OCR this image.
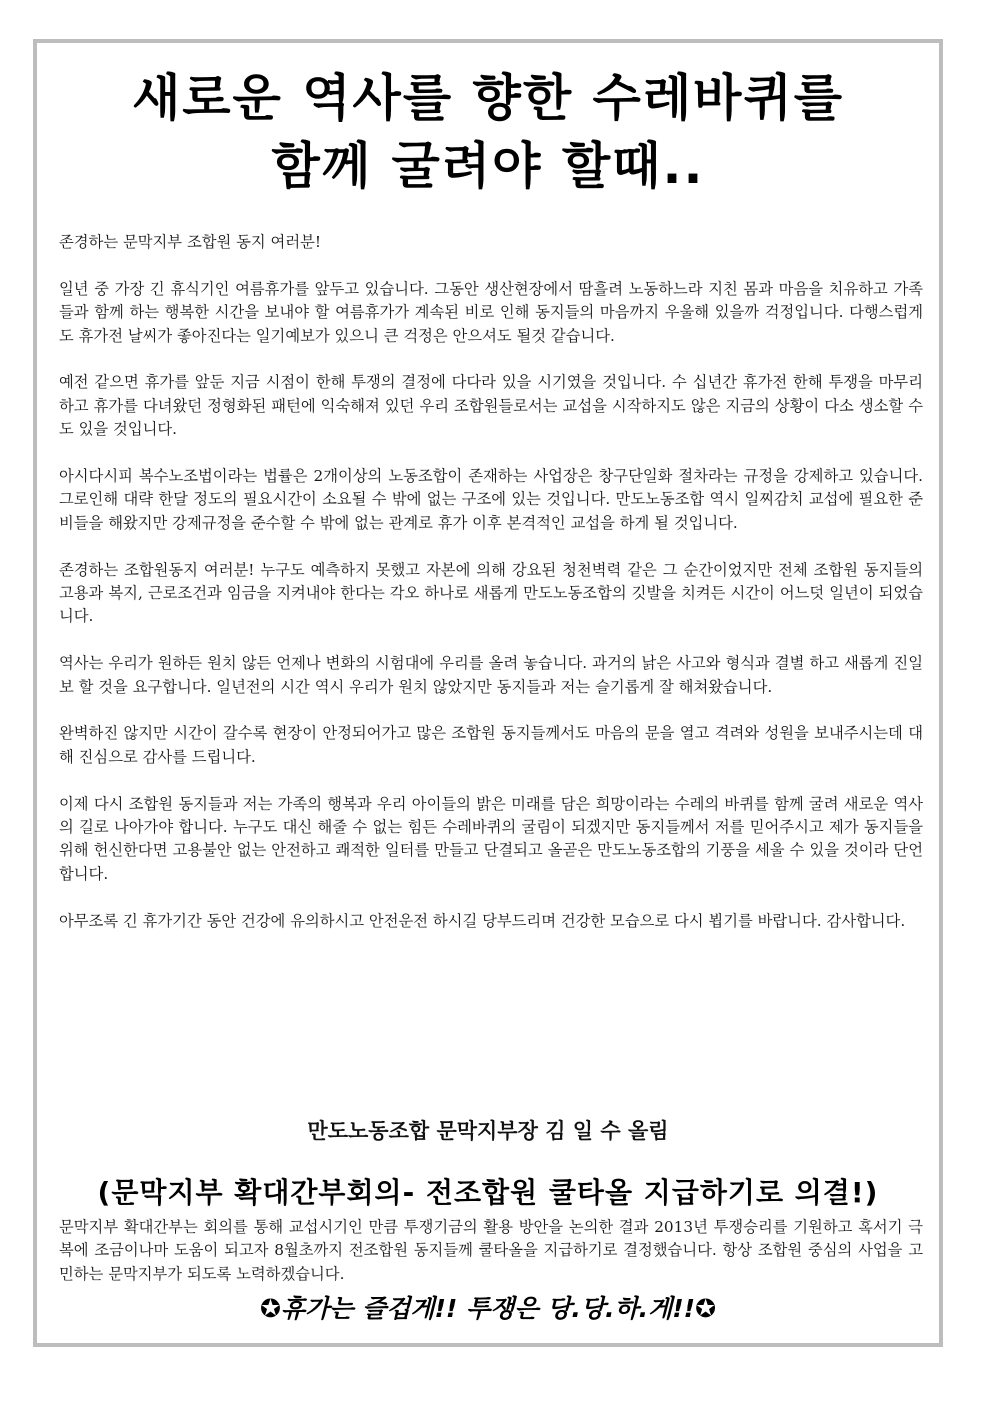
새로운 역사를 향한 수레바퀴를
함께 굴려야 할때..

존경하는 문막지부 조합원 동지 여러분!

일년 중 가장 긴 휴식기인 여름휴가를 앞두고 있습니다. 그동안 생산현장에서 땀흘려 노동하느라 지친 몸과 마음을 치유하고 가족들과 함께 하는 행복한 시간을 보내야 할 여름휴가가 계속된 비로 인해 동지들의 마음까지 우울해 있을까 걱정입니다. 다행스럽게도 휴가전 날씨가 좋아진다는 일기예보가 있으니 큰 걱정은 안으셔도 될것 같습니다.

예전 같으면 휴가를 앞둔 지금 시점이 한해 투쟁의 결정에 다다라 있을 시기였을 것입니다. 수 십년간 휴가전 한해 투쟁을 마무리 하고 휴가를 다녀왔던 정형화된 패턴에 익숙해져 있던 우리 조합원들로서는 교섭을 시작하지도 않은 지금의 상황이 다소 생소할 수도 있을 것입니다.

아시다시피 복수노조법이라는 법률은 2개이상의 노동조합이 존재하는 사업장은 창구단일화 절차라는 규정을 강제하고 있습니다. 그로인해 대략 한달 정도의 필요시간이 소요될 수 밖에 없는 구조에 있는 것입니다. 만도노동조합 역시 일찌감치 교섭에 필요한 준비들을 해왔지만 강제규정을 준수할 수 밖에 없는 관계로 휴가 이후 본격적인 교섭을 하게 될 것입니다.

존경하는 조합원동지 여러분! 누구도 예측하지 못했고 자본에 의해 강요된 청천벽력 같은 그 순간이었지만 전체 조합원 동지들의 고용과 복지, 근로조건과 임금을 지켜내야 한다는 각오 하나로 새롭게 만도노동조합의 깃발을 치켜든 시간이 어느덧 일년이 되었습니다.

역사는 우리가 원하든 원치 않든 언제나 변화의 시험대에 우리를 올려 놓습니다. 과거의 낡은 사고와 형식과 결별 하고 새롭게 진일보 할 것을 요구합니다. 일년전의 시간 역시 우리가 원치 않았지만 동지들과 저는 슬기롭게 잘 해쳐왔습니다.

완벽하진 않지만 시간이 갈수록 현장이 안정되어가고 많은 조합원 동지들께서도 마음의 문을 열고 격려와 성원을 보내주시는데 대해 진심으로 감사를 드립니다.

이제 다시 조합원 동지들과 저는 가족의 행복과 우리 아이들의 밝은 미래를 담은 희망이라는 수레의 바퀴를 함께 굴려 새로운 역사의 길로 나아가야 합니다. 누구도 대신 해줄 수 없는 힘든 수레바퀴의 굴림이 되겠지만 동지들께서 저를 믿어주시고 제가 동지들을 위해 헌신한다면 고용불안 없는 안전하고 쾌적한 일터를 만들고 단결되고 올곧은 만도노동조합의 기풍을 세울 수 있을 것이라 단언합니다.

아무조록 긴 휴가기간 동안 건강에 유의하시고 안전운전 하시길 당부드리며 건강한 모습으로 다시 뵙기를 바랍니다. 감사합니다.

만도노동조합 문막지부장 김 일 수 올림
(문막지부 확대간부회의- 전조합원 쿨타올 지급하기로 의결!)
문막지부 확대간부는 회의를 통해 교섭시기인 만큼 투쟁기금의 활용 방안을 논의한 결과 2013년 투쟁승리를 기원하고 혹서기 극복에 조금이나마 도움이 되고자 8월초까지 전조합원 동지들께 쿨타올을 지급하기로 결정했습니다. 항상 조합원 중심의 사업을 고민하는 문막지부가 되도록 노력하겠습니다.
✪휴가는 즐겁게!! 투쟁은 당.당.하.게!!✪
